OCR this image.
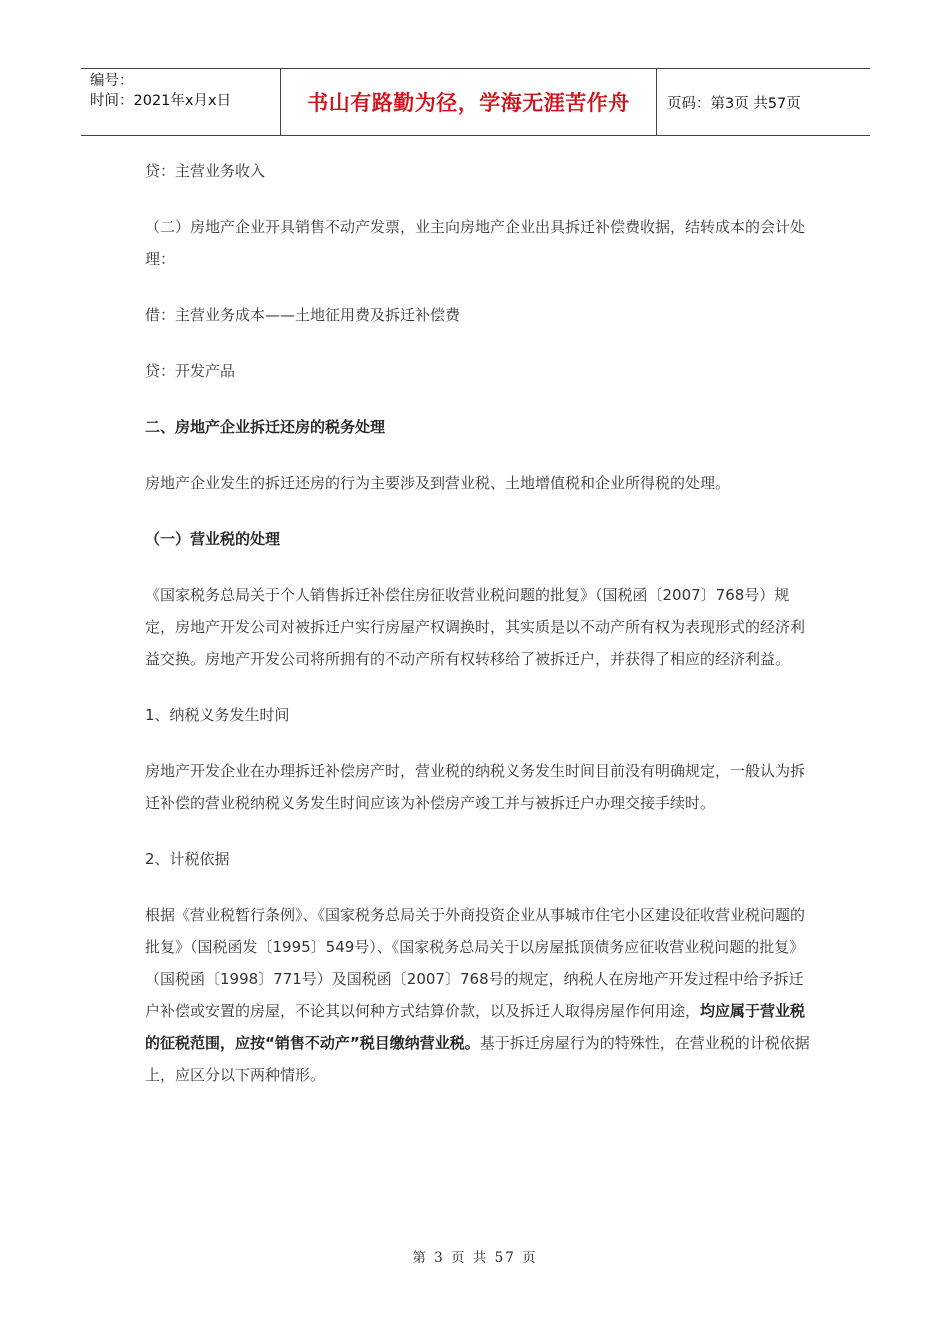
编号：
时间：2021年x月x日	书山有路勤为径，学海无涯苦作舟	页码：第3页 共57页

贷：主营业务收入

（二）房地产企业开具销售不动产发票，业主向房地产企业出具拆迁补偿费收据，结转成本的会计处理：

借：主营业务成本——土地征用费及拆迁补偿费

贷：开发产品

二、房地产企业拆迁还房的税务处理

房地产企业发生的拆迁还房的行为主要涉及到营业税、土地增值税和企业所得税的处理。

（一）营业税的处理

《国家税务总局关于个人销售拆迁补偿住房征收营业税问题的批复》（国税函〔2007〕768号）规定，房地产开发公司对被拆迁户实行房屋产权调换时，其实质是以不动产所有权为表现形式的经济利益交换。房地产开发公司将所拥有的不动产所有权转移给了被拆迁户，并获得了相应的经济利益。

1、纳税义务发生时间

房地产开发企业在办理拆迁补偿房产时，营业税的纳税义务发生时间目前没有明确规定，一般认为拆迁补偿的营业税纳税义务发生时间应该为补偿房产竣工并与被拆迁户办理交接手续时。

2、计税依据

根据《营业税暂行条例》、《国家税务总局关于外商投资企业从事城市住宅小区建设征收营业税问题的批复》（国税函发〔1995〕549号）、《国家税务总局关于以房屋抵顶债务应征收营业税问题的批复》（国税函〔1998〕771号）及国税函〔2007〕768号的规定，纳税人在房地产开发过程中给予拆迁户补偿或安置的房屋，不论其以何种方式结算价款，以及拆迁人取得房屋作何用途，均应属于营业税的征税范围，应按“销售不动产”税目缴纳营业税。基于拆迁房屋行为的特殊性，在营业税的计税依据上，应区分以下两种情形。

第 3 页 共 57 页
